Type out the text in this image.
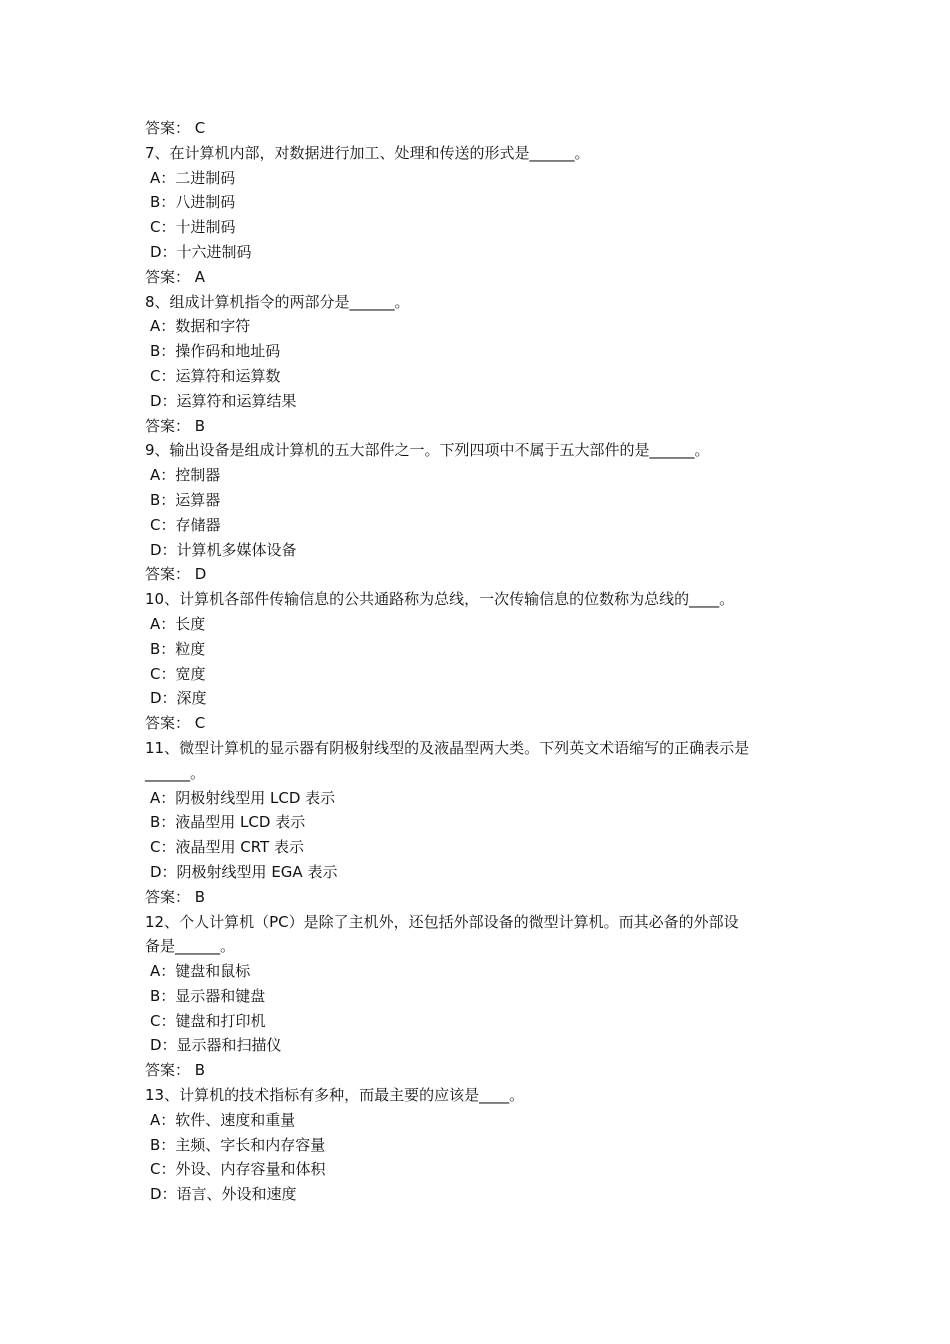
答案： C
7、在计算机内部，对数据进行加工、处理和传送的形式是______。
A：二进制码
B：八进制码
C：十进制码
D：十六进制码
答案： A
8、组成计算机指令的两部分是______。
A：数据和字符
B：操作码和地址码
C：运算符和运算数
D：运算符和运算结果
答案： B
9、输出设备是组成计算机的五大部件之一。下列四项中不属于五大部件的是______。
A：控制器
B：运算器
C：存储器
D：计算机多媒体设备
答案： D
10、计算机各部件传输信息的公共通路称为总线，一次传输信息的位数称为总线的____。
A：长度
B：粒度
C：宽度
D：深度
答案： C
11、微型计算机的显示器有阴极射线型的及液晶型两大类。下列英文术语缩写的正确表示是
______。
A：阴极射线型用 LCD 表示
B：液晶型用 LCD 表示
C：液晶型用 CRT 表示
D：阴极射线型用 EGA 表示
答案： B
12、个人计算机（PC）是除了主机外，还包括外部设备的微型计算机。而其必备的外部设
备是______。
A：键盘和鼠标
B：显示器和键盘
C：键盘和打印机
D：显示器和扫描仪
答案： B
13、计算机的技术指标有多种，而最主要的应该是____。
A：软件、速度和重量
B：主频、字长和内存容量
C：外设、内存容量和体积
D：语言、外设和速度
